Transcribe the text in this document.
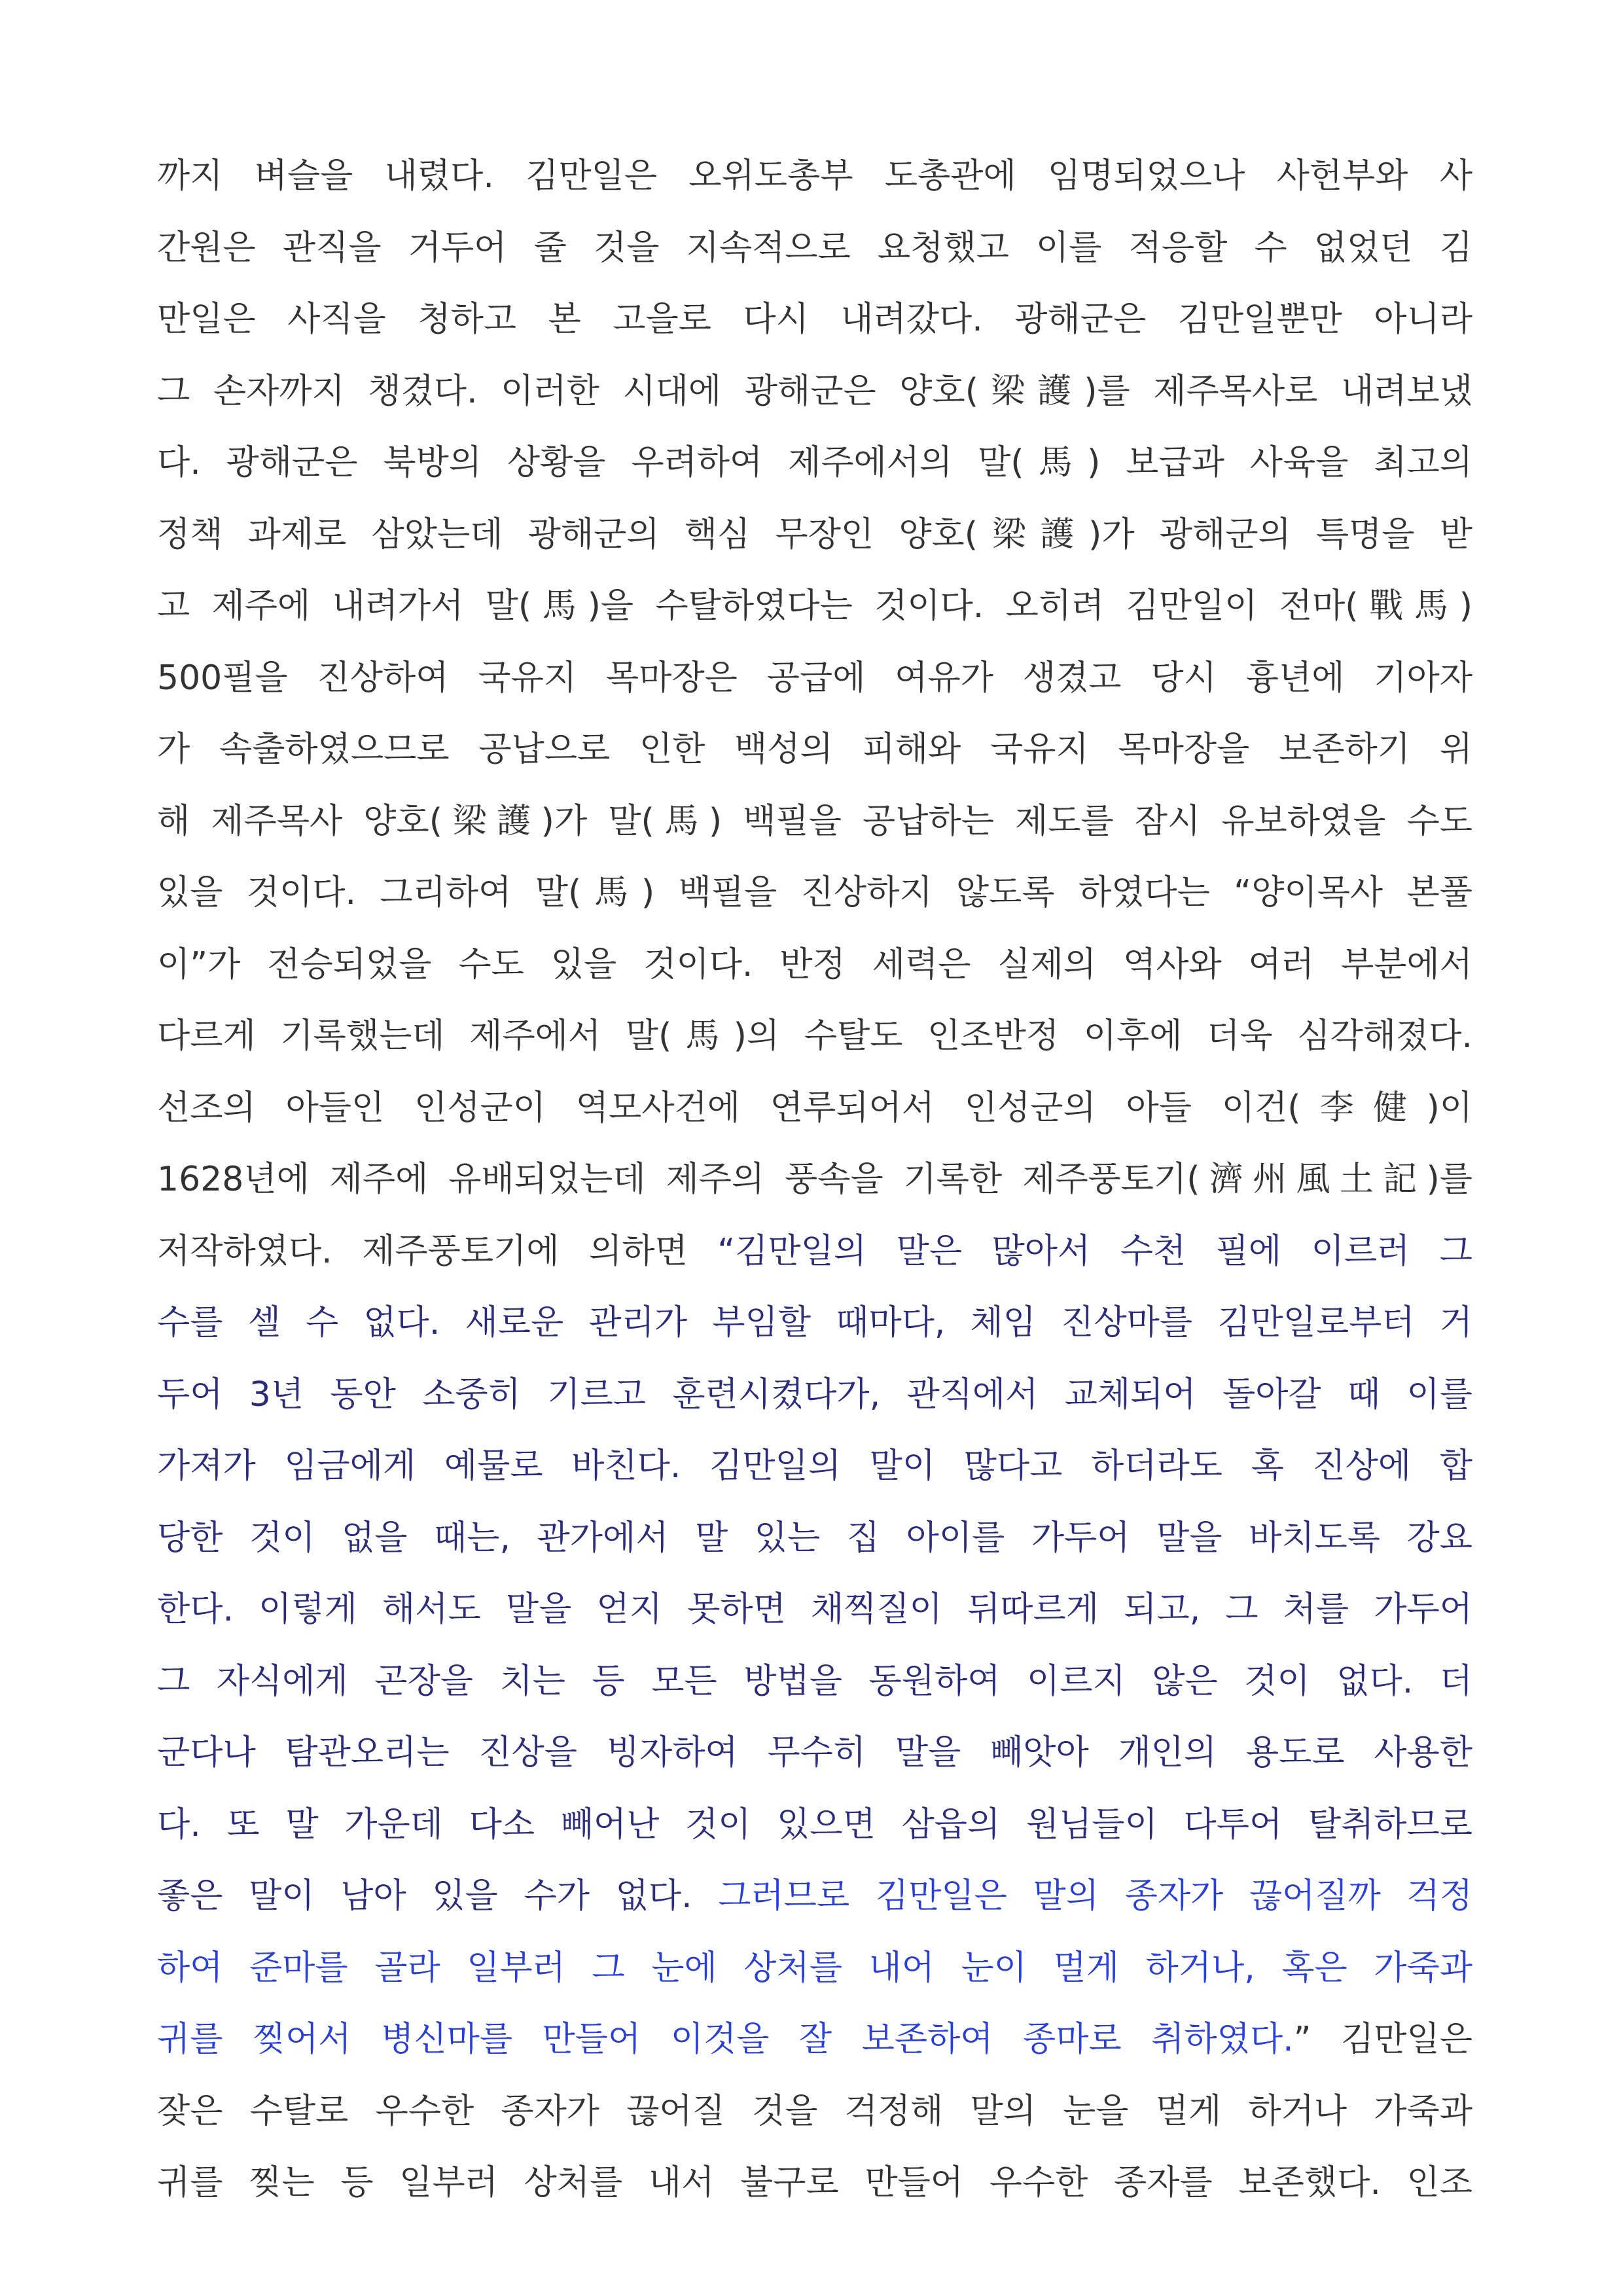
까지 벼슬을 내렸다. 김만일은 오위도총부 도총관에 임명되었으나 사헌부와 사
간원은 관직을 거두어 줄 것을 지속적으로 요청했고 이를 적응할 수 없었던 김
만일은 사직을 청하고 본 고을로 다시 내려갔다. 광해군은 김만일뿐만 아니라
그 손자까지 챙겼다. 이러한 시대에 광해군은 양호(梁護)를 제주목사로 내려보냈
다. 광해군은 북방의 상황을 우려하여 제주에서의 말(馬) 보급과 사육을 최고의
정책 과제로 삼았는데 광해군의 핵심 무장인 양호(梁護)가 광해군의 특명을 받
고 제주에 내려가서 말(馬)을 수탈하였다는 것이다. 오히려 김만일이 전마(戰馬)
500필을 진상하여 국유지 목마장은 공급에 여유가 생겼고 당시 흉년에 기아자
가 속출하였으므로 공납으로 인한 백성의 피해와 국유지 목마장을 보존하기 위
해 제주목사 양호(梁護)가 말(馬) 백필을 공납하는 제도를 잠시 유보하였을 수도
있을 것이다. 그리하여 말(馬) 백필을 진상하지 않도록 하였다는 “양이목사 본풀
이”가 전승되었을 수도 있을 것이다. 반정 세력은 실제의 역사와 여러 부분에서
다르게 기록했는데 제주에서 말(馬)의 수탈도 인조반정 이후에 더욱 심각해졌다.
선조의 아들인 인성군이 역모사건에 연루되어서 인성군의 아들 이건(李健)이
1628년에 제주에 유배되었는데 제주의 풍속을 기록한 제주풍토기(濟州風土記)를
저작하였다. 제주풍토기에 의하면 “김만일의 말은 많아서 수천 필에 이르러 그
수를 셀 수 없다. 새로운 관리가 부임할 때마다, 체임 진상마를 김만일로부터 거
두어 3년 동안 소중히 기르고 훈련시켰다가, 관직에서 교체되어 돌아갈 때 이를
가져가 임금에게 예물로 바친다. 김만일의 말이 많다고 하더라도 혹 진상에 합
당한 것이 없을 때는, 관가에서 말 있는 집 아이를 가두어 말을 바치도록 강요
한다. 이렇게 해서도 말을 얻지 못하면 채찍질이 뒤따르게 되고, 그 처를 가두어
그 자식에게 곤장을 치는 등 모든 방법을 동원하여 이르지 않은 것이 없다. 더
군다나 탐관오리는 진상을 빙자하여 무수히 말을 빼앗아 개인의 용도로 사용한
다. 또 말 가운데 다소 빼어난 것이 있으면 삼읍의 원님들이 다투어 탈취하므로
좋은 말이 남아 있을 수가 없다. 그러므로 김만일은 말의 종자가 끊어질까 걱정
하여 준마를 골라 일부러 그 눈에 상처를 내어 눈이 멀게 하거나, 혹은 가죽과
귀를 찢어서 병신마를 만들어 이것을 잘 보존하여 종마로 취하였다.” 김만일은
잦은 수탈로 우수한 종자가 끊어질 것을 걱정해 말의 눈을 멀게 하거나 가죽과
귀를 찢는 등 일부러 상처를 내서 불구로 만들어 우수한 종자를 보존했다. 인조
